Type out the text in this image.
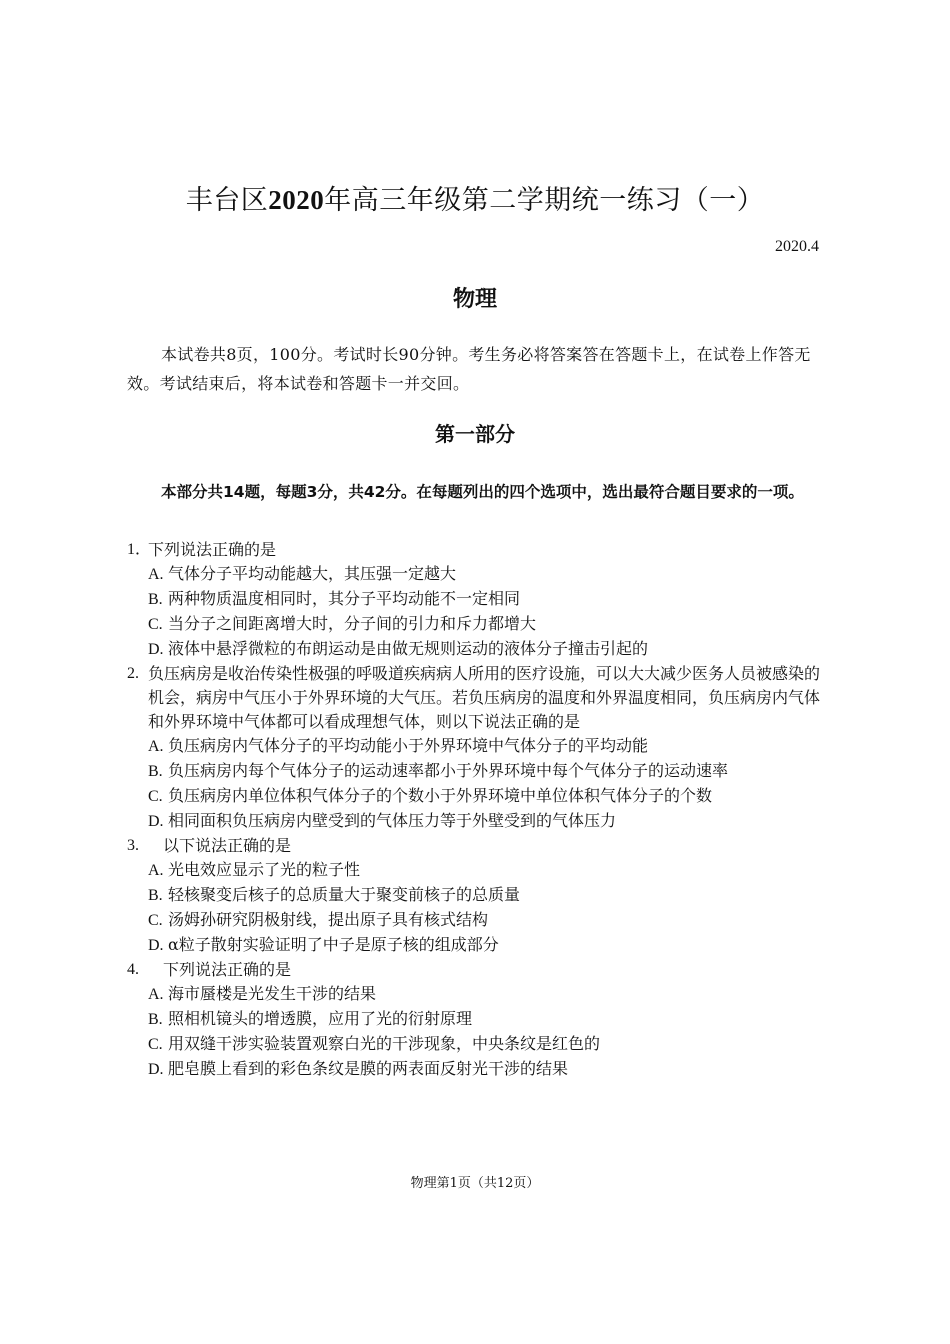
丰台区2020年高三年级第二学期统一练习（一）
2020.4
物理
本试卷共8页，100分。考试时长90分钟。考生务必将答案答在答题卡上，在试卷上作答无效。考试结束后，将本试卷和答题卡一并交回。
第一部分
本部分共14题，每题3分，共42分。在每题列出的四个选项中，选出最符合题目要求的一项。
1．
下列说法正确的是
A. 气体分子平均动能越大，其压强一定越大
B. 两种物质温度相同时，其分子平均动能不一定相同
C. 当分子之间距离增大时，分子间的引力和斥力都增大
D. 液体中悬浮微粒的布朗运动是由做无规则运动的液体分子撞击引起的
2. 负压病房是收治传染性极强的呼吸道疾病病人所用的医疗设施，可以大大减少医务人员被感染的机会，病房中气压小于外界环境的大气压。若负压病房的温度和外界温度相同，负压病房内气体和外界环境中气体都可以看成理想气体，则以下说法正确的是
A. 负压病房内气体分子的平均动能小于外界环境中气体分子的平均动能
B. 负压病房内每个气体分子的运动速率都小于外界环境中每个气体分子的运动速率
C. 负压病房内单位体积气体分子的个数小于外界环境中单位体积气体分子的个数
D. 相同面积负压病房内壁受到的气体压力等于外壁受到的气体压力
3. 以下说法正确的是
A. 光电效应显示了光的粒子性
B. 轻核聚变后核子的总质量大于聚变前核子的总质量
C. 汤姆孙研究阴极射线，提出原子具有核式结构
D. α粒子散射实验证明了中子是原子核的组成部分
4. 下列说法正确的是
A. 海市蜃楼是光发生干涉的结果
B. 照相机镜头的增透膜，应用了光的衍射原理
C. 用双缝干涉实验装置观察白光的干涉现象，中央条纹是红色的
D. 肥皂膜上看到的彩色条纹是膜的两表面反射光干涉的结果
物理第1页（共12页）
